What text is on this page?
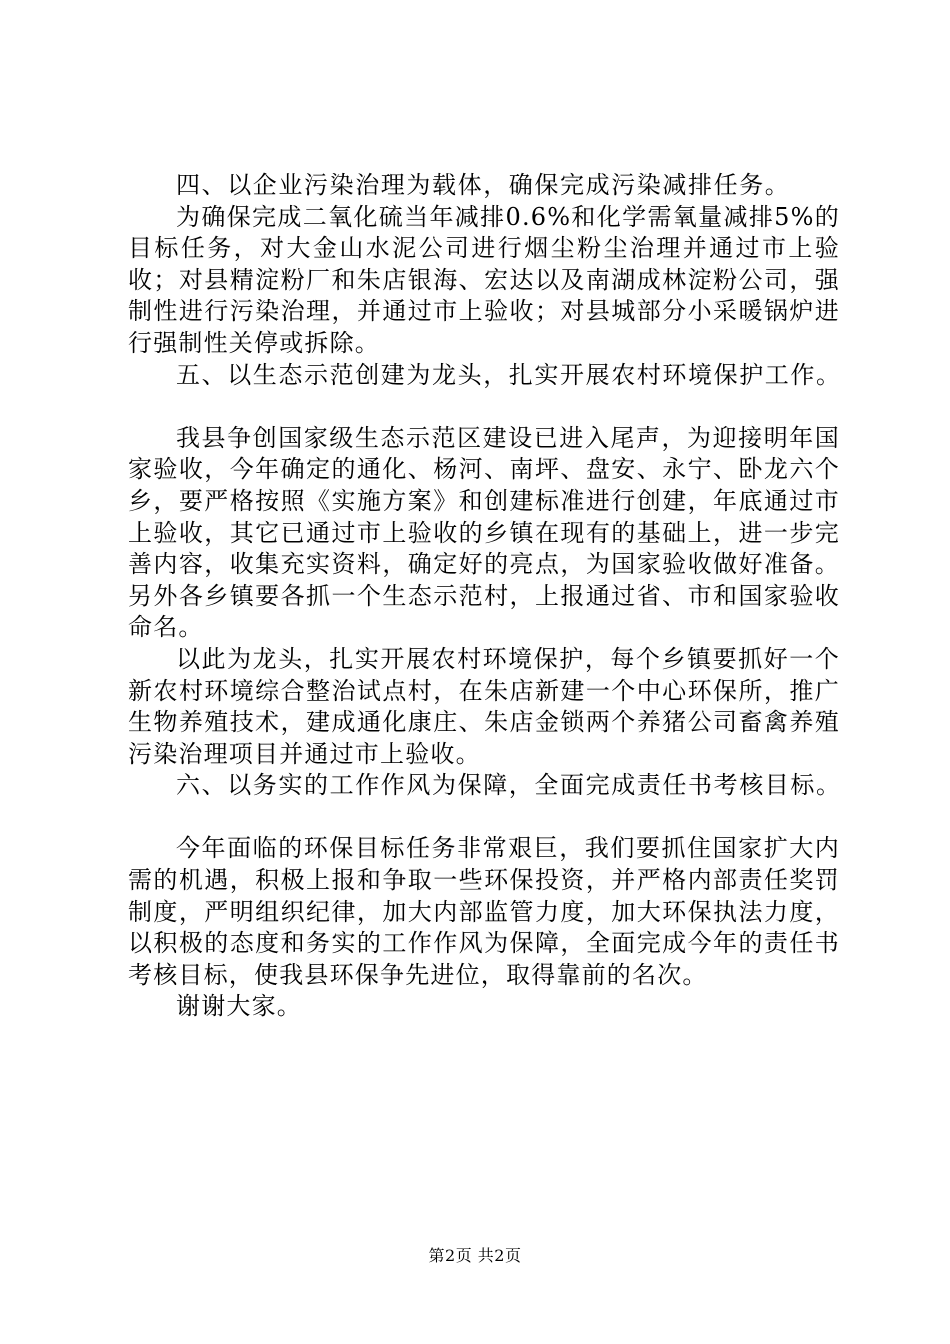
四、以企业污染治理为载体，确保完成污染减排任务。

为确保完成二氧化硫当年减排0.6%和化学需氧量减排5%的目标任务，对大金山水泥公司进行烟尘粉尘治理并通过市上验收；对县精淀粉厂和朱店银海、宏达以及南湖成林淀粉公司，强制性进行污染治理，并通过市上验收；对县城部分小采暖锅炉进行强制性关停或拆除。

五、以生态示范创建为龙头，扎实开展农村环境保护工作。

我县争创国家级生态示范区建设已进入尾声，为迎接明年国家验收，今年确定的通化、杨河、南坪、盘安、永宁、卧龙六个乡，要严格按照《实施方案》和创建标准进行创建，年底通过市上验收，其它已通过市上验收的乡镇在现有的基础上，进一步完善内容，收集充实资料，确定好的亮点，为国家验收做好准备。另外各乡镇要各抓一个生态示范村，上报通过省、市和国家验收命名。

以此为龙头，扎实开展农村环境保护，每个乡镇要抓好一个新农村环境综合整治试点村，在朱店新建一个中心环保所，推广生物养殖技术，建成通化康庄、朱店金锁两个养猪公司畜禽养殖污染治理项目并通过市上验收。

六、以务实的工作作风为保障，全面完成责任书考核目标。

今年面临的环保目标任务非常艰巨，我们要抓住国家扩大内需的机遇，积极上报和争取一些环保投资，并严格内部责任奖罚制度，严明组织纪律，加大内部监管力度，加大环保执法力度，以积极的态度和务实的工作作风为保障，全面完成今年的责任书考核目标，使我县环保争先进位，取得靠前的名次。

谢谢大家。

第2页 共2页
